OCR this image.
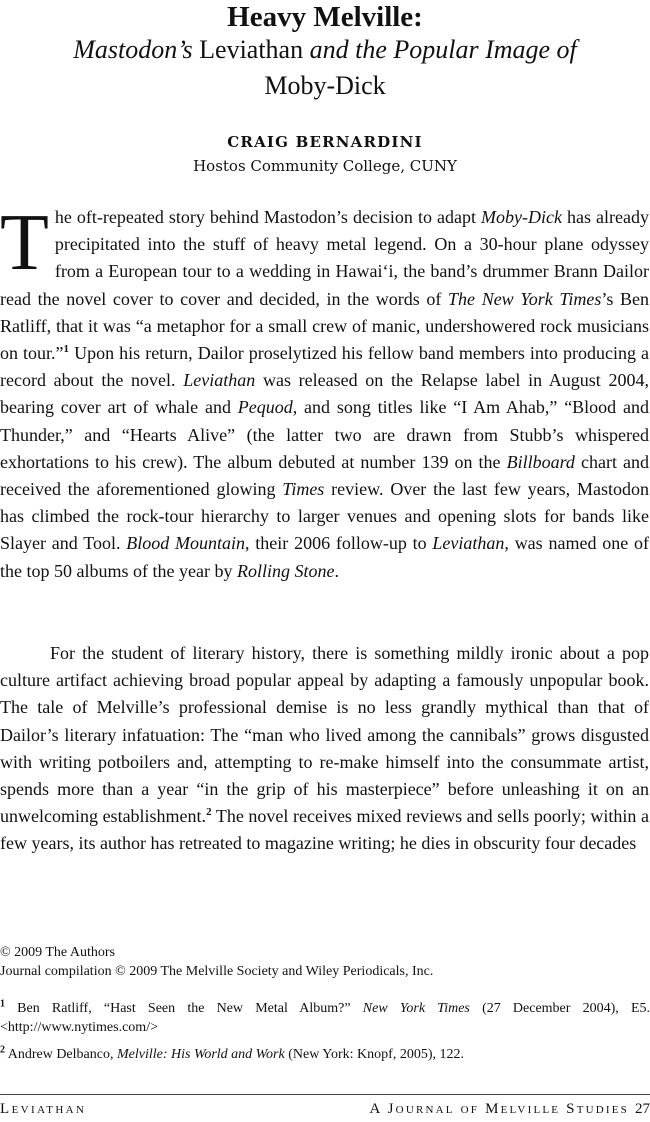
Heavy Melville:
Mastodon’s Leviathan and the Popular Image of
Moby-Dick
CRAIG BERNARDINI
Hostos Community College, CUNY

The oft-repeated story behind Mastodon’s decision to adapt Moby-Dick has already precipitated into the stuff of heavy metal legend. On a 30-hour plane odyssey from a European tour to a wedding in Hawai‘i, the band’s drummer Brann Dailor read the novel cover to cover and decided, in the words of The New York Times’s Ben Ratliff, that it was “a metaphor for a small crew of manic, undershowered rock musicians on tour.”$^1$ Upon his return, Dailor proselytized his fellow band members into producing a record about the novel. Leviathan was released on the Relapse label in August 2004, bearing cover art of whale and Pequod, and song titles like “I Am Ahab,” “Blood and Thunder,” and “Hearts Alive” (the latter two are drawn from Stubb’s whispered exhortations to his crew). The album debuted at number 139 on the Billboard chart and received the aforementioned glowing Times review. Over the last few years, Mastodon has climbed the rock-tour hierarchy to larger venues and opening slots for bands like Slayer and Tool. Blood Mountain, their 2006 follow-up to Leviathan, was named one of the top 50 albums of the year by Rolling Stone.

For the student of literary history, there is something mildly ironic about a pop culture artifact achieving broad popular appeal by adapting a famously unpopular book. The tale of Melville’s professional demise is no less grandly mythical than that of Dailor’s literary infatuation: The “man who lived among the cannibals” grows disgusted with writing potboilers and, attempting to re-make himself into the consummate artist, spends more than a year “in the grip of his masterpiece” before unleashing it on an unwelcoming establishment.$^2$ The novel receives mixed reviews and sells poorly; within a few years, its author has retreated to magazine writing; he dies in obscurity four decades

© 2009 The Authors
Journal compilation © 2009 The Melville Society and Wiley Periodicals, Inc.

$^1$ Ben Ratliff, “Hast Seen the New Metal Album?” New York Times (27 December 2004), E5. <http://www.nytimes.com/>

$^2$ Andrew Delbanco, Melville: His World and Work (New York: Knopf, 2005), 122.

Leviathan	A Journal of Melville Studies 27
